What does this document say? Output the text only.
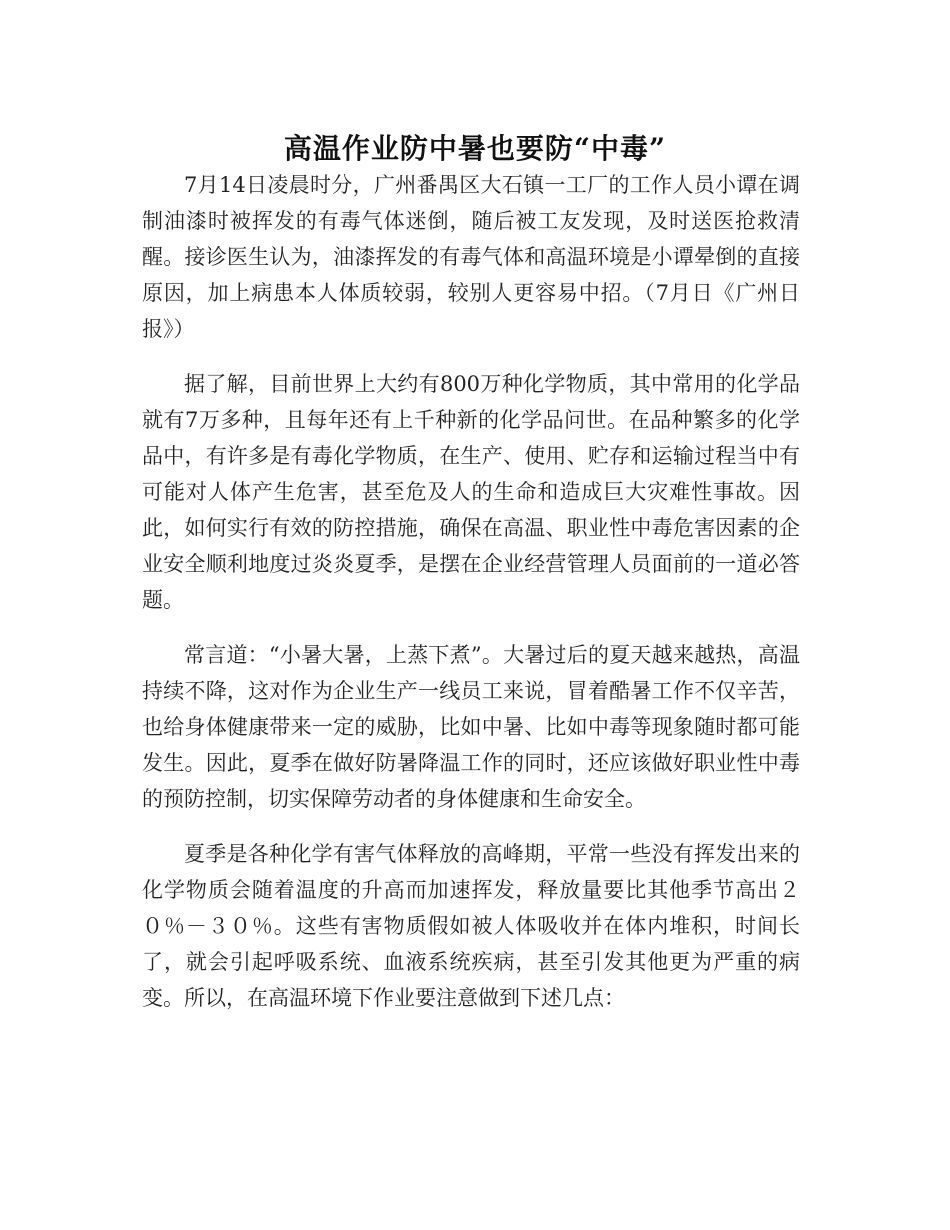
高温作业防中暑也要防“中毒”

7月14日凌晨时分，广州番禺区大石镇一工厂的工作人员小谭在调制油漆时被挥发的有毒气体迷倒，随后被工友发现，及时送医抢救清醒。接诊医生认为，油漆挥发的有毒气体和高温环境是小谭晕倒的直接原因，加上病患本人体质较弱，较别人更容易中招。（7月日《广州日报》）

据了解，目前世界上大约有800万种化学物质，其中常用的化学品就有7万多种，且每年还有上千种新的化学品问世。在品种繁多的化学品中，有许多是有毒化学物质，在生产、使用、贮存和运输过程当中有可能对人体产生危害，甚至危及人的生命和造成巨大灾难性事故。因此，如何实行有效的防控措施，确保在高温、职业性中毒危害因素的企业安全顺利地度过炎炎夏季，是摆在企业经营管理人员面前的一道必答题。

常言道：“小暑大暑，上蒸下煮”。大暑过后的夏天越来越热，高温持续不降，这对作为企业生产一线员工来说，冒着酷暑工作不仅辛苦，也给身体健康带来一定的威胁，比如中暑、比如中毒等现象随时都可能发生。因此，夏季在做好防暑降温工作的同时，还应该做好职业性中毒的预防控制，切实保障劳动者的身体健康和生命安全。

夏季是各种化学有害气体释放的高峰期，平常一些没有挥发出来的化学物质会随着温度的升高而加速挥发，释放量要比其他季节高出２０％－３０％。这些有害物质假如被人体吸收并在体内堆积，时间长了，就会引起呼吸系统、血液系统疾病，甚至引发其他更为严重的病变。所以，在高温环境下作业要注意做到下述几点：
